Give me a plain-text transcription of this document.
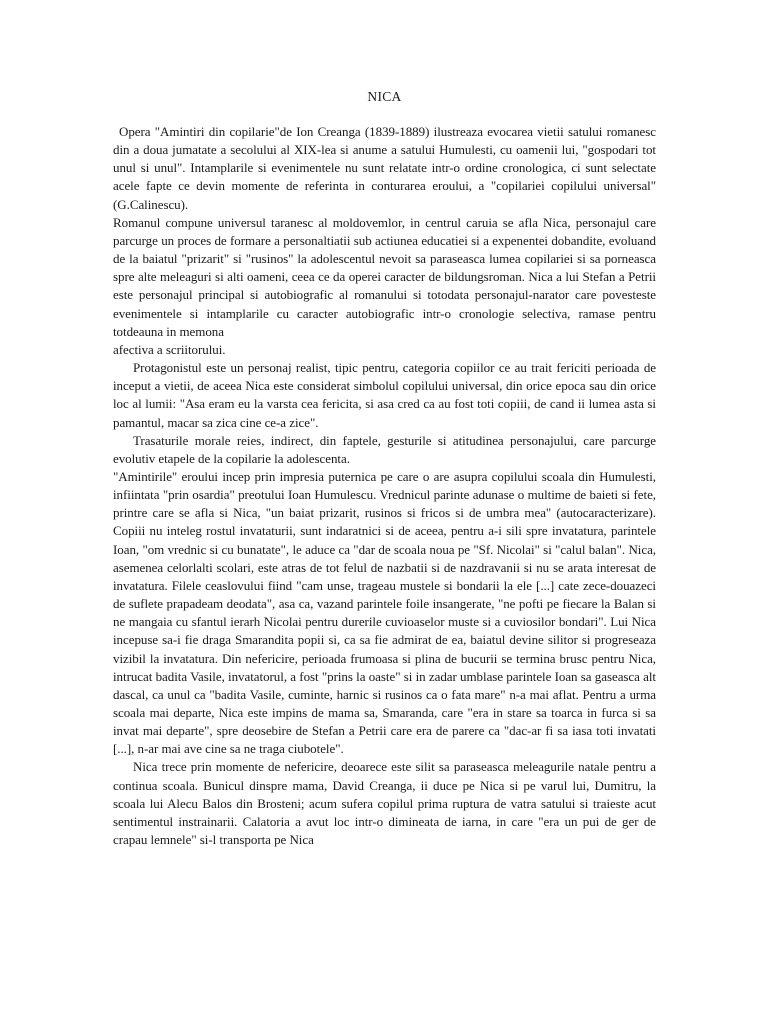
NICA

Opera "Amintiri din copilarie"de Ion Creanga (1839-1889) ilustreaza evocarea vietii satului romanesc din a doua jumatate a secolului al XIX-lea si anume a satului Humulesti, cu oamenii lui, "gospodari tot unul si unul". Intamplarile si evenimentele nu sunt relatate intr-o ordine cronologica, ci sunt selectate acele fapte ce devin momente de referinta in conturarea eroului, a "copilariei copilului universal" (G.Calinescu).

Romanul compune universul taranesc al moldovemlor, in centrul caruia se afla Nica, personajul care parcurge un proces de formare a personaltiatii sub actiunea educatiei si a expenentei dobandite, evoluand de la baiatul "prizarit" si "rusinos" la adolescentul nevoit sa paraseasca lumea copilariei si sa porneasca spre alte meleaguri si alti oameni, ceea ce da operei caracter de bildungsroman. Nica a lui Stefan a Petrii este personajul principal si autobiografic al romanului si totodata personajul-narator care povesteste evenimentele si intamplarile cu caracter autobiografic intr-o cronologie selectiva, ramase pentru totdeauna in memona

afectiva a scriitorului.

Protagonistul este un personaj realist, tipic pentru, categoria copiilor ce au trait fericiti perioada de inceput a vietii, de aceea Nica este considerat simbolul copilului universal, din orice epoca sau din orice loc al lumii: "Asa eram eu la varsta cea fericita, si asa cred ca au fost toti copiii, de cand ii lumea asta si pamantul, macar sa zica cine ce-a zice".

Trasaturile morale reies, indirect, din faptele, gesturile si atitudinea personajului, care parcurge evolutiv etapele de la copilarie la adolescenta.

"Amintirile" eroului incep prin impresia puternica pe care o are asupra copilului scoala din Humulesti, infiintata "prin osardia" preotului Ioan Humulescu. Vrednicul parinte adunase o multime de baieti si fete, printre care se afla si Nica, "un baiat prizarit, rusinos si fricos si de umbra mea" (autocaracterizare). Copiii nu inteleg rostul invataturii, sunt indaratnici si de aceea, pentru a-i sili spre invatatura, parintele Ioan, "om vrednic si cu bunatate", le aduce ca "dar de scoala noua pe "Sf. Nicolai" si "calul balan". Nica, asemenea celorlalti scolari, este atras de tot felul de nazbatii si de nazdravanii si nu se arata interesat de invatatura. Filele ceaslovului fiind "cam unse, trageau mustele si bondarii la ele [...] cate zece-douazeci de suflete prapadeam deodata", asa ca, vazand parintele foile insangerate, "ne pofti pe fiecare la Balan si ne mangaia cu sfantul ierarh Nicolai pentru durerile cuvioaselor muste si a cuviosilor bondari". Lui Nica incepuse sa-i fie draga Smarandita popii si, ca sa fie admirat de ea, baiatul devine silitor si progreseaza vizibil la invatatura. Din nefericire, perioada frumoasa si plina de bucurii se termina brusc pentru Nica, intrucat badita Vasile, invatatorul, a fost "prins la oaste" si in zadar umblase parintele Ioan sa gaseasca alt dascal, ca unul ca "badita Vasile, cuminte, harnic si rusinos ca o fata mare" n-a mai aflat. Pentru a urma scoala mai departe, Nica este impins de mama sa, Smaranda, care "era in stare sa toarca in furca si sa invat mai departe", spre deosebire de Stefan a Petrii care era de parere ca "dac-ar fi sa iasa toti invatati [...], n-ar mai ave cine sa ne traga ciubotele".

Nica trece prin momente de nefericire, deoarece este silit sa paraseasca meleagurile natale pentru a continua scoala. Bunicul dinspre mama, David Creanga, ii duce pe Nica si pe varul lui, Dumitru, la scoala lui Alecu Balos din Brosteni; acum sufera copilul prima ruptura de vatra satului si traieste acut sentimentul instrainarii. Calatoria a avut loc intr-o dimineata de iarna, in care "era un pui de ger de crapau lemnele" si-l transporta pe Nica
